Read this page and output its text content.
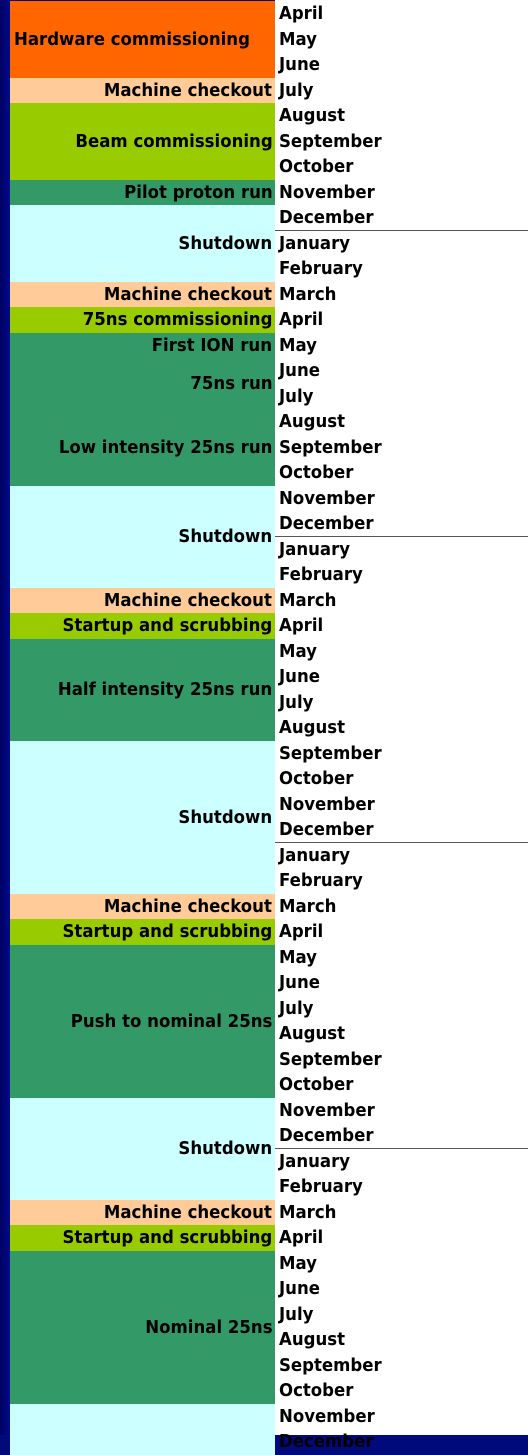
Hardware commissioning
Machine checkout
Beam commissioning
Pilot proton run
Shutdown
Machine checkout
75ns commissioning
First ION run
75ns run
Low intensity 25ns run
Shutdown
Machine checkout
Startup and scrubbing
Half intensity 25ns run
Shutdown
Machine checkout
Startup and scrubbing
Push to nominal 25ns
Shutdown
Machine checkout
Startup and scrubbing
Nominal 25ns
April
May
June
July
August
September
October
November
December
January
February
March
April
May
June
July
August
September
October
November
December
January
February
March
April
May
June
July
August
September
October
November
December
January
February
March
April
May
June
July
August
September
October
November
December
January
February
March
April
May
June
July
August
September
October
November
December
